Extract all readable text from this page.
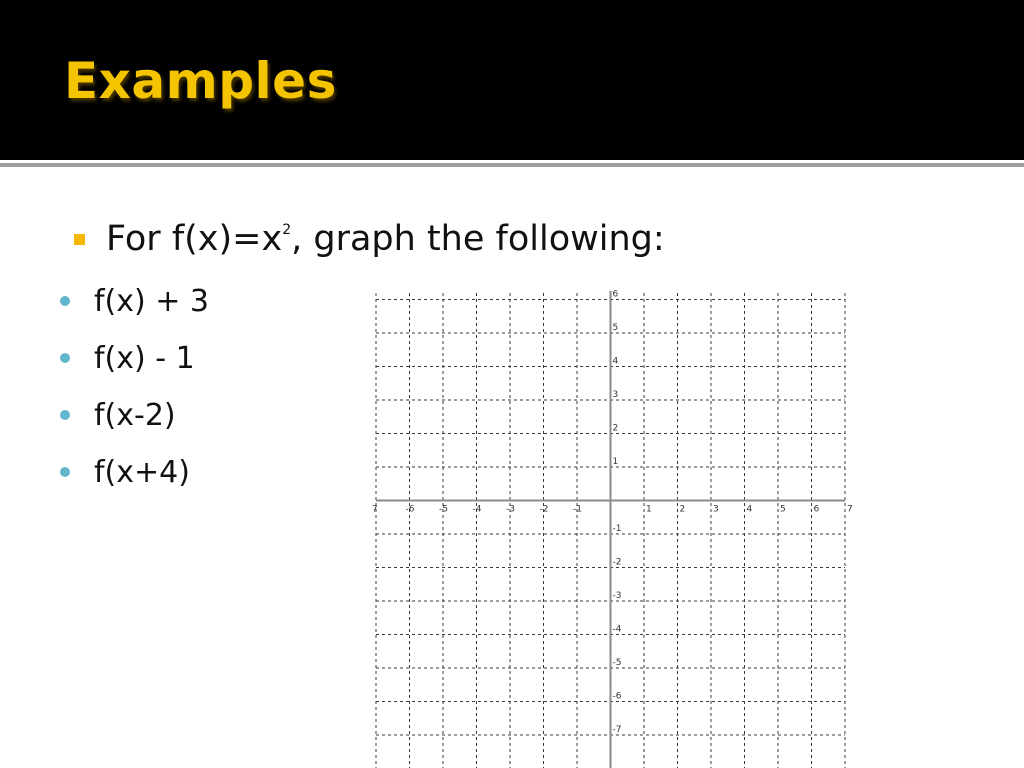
Examples
For $f(x)=x^2$, graph the following:
f(x) + 3
f(x) - 1
f(x-2)
f(x+4)
7	-6	-5	-4	-3	-2	-1	1	2	3	4	5	6	7
6
5
4
3
2
1
-1
-2
-3
-4
-5
-6
-7
